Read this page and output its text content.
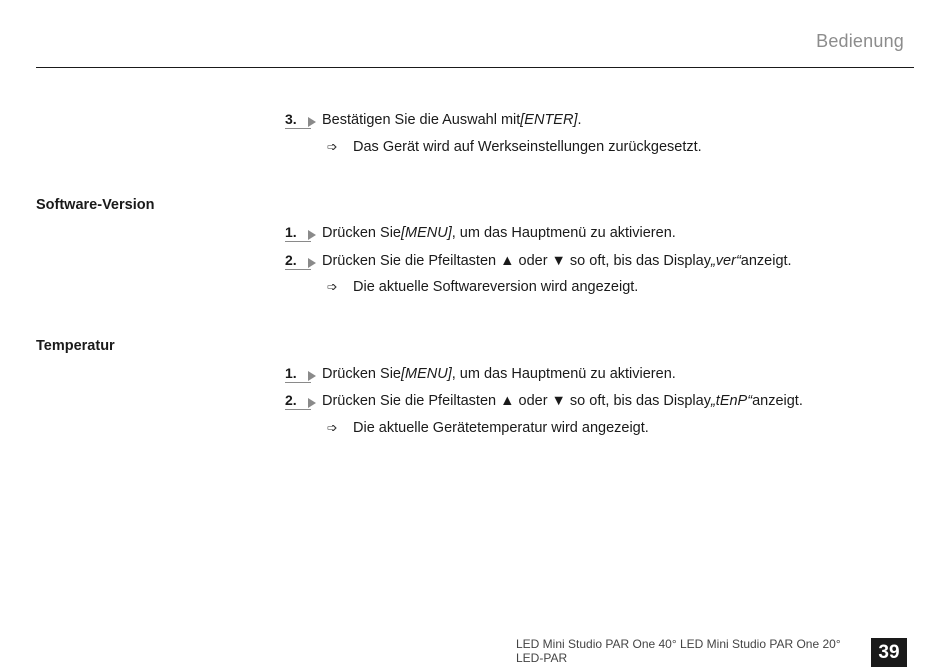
Bedienung
3.	Bestätigen Sie die Auswahl mit [ENTER] .
➩	Das Gerät wird auf Werkseinstellungen zurückgesetzt.
Software-Version
1.	Drücken Sie [MENU] , um das Hauptmenü zu aktivieren.
2.	Drücken Sie die Pfeiltasten ▲ oder ▼ so oft, bis das Display „ver“ anzeigt.
➩	Die aktuelle Softwareversion wird angezeigt.
Temperatur
1.	Drücken Sie [MENU] , um das Hauptmenü zu aktivieren.
2.	Drücken Sie die Pfeiltasten ▲ oder ▼ so oft, bis das Display „tEnP“ anzeigt.
➩	Die aktuelle Gerätetemperatur wird angezeigt.
LED Mini Studio PAR One 40° LED Mini Studio PAR One 20° LED-PAR	39
